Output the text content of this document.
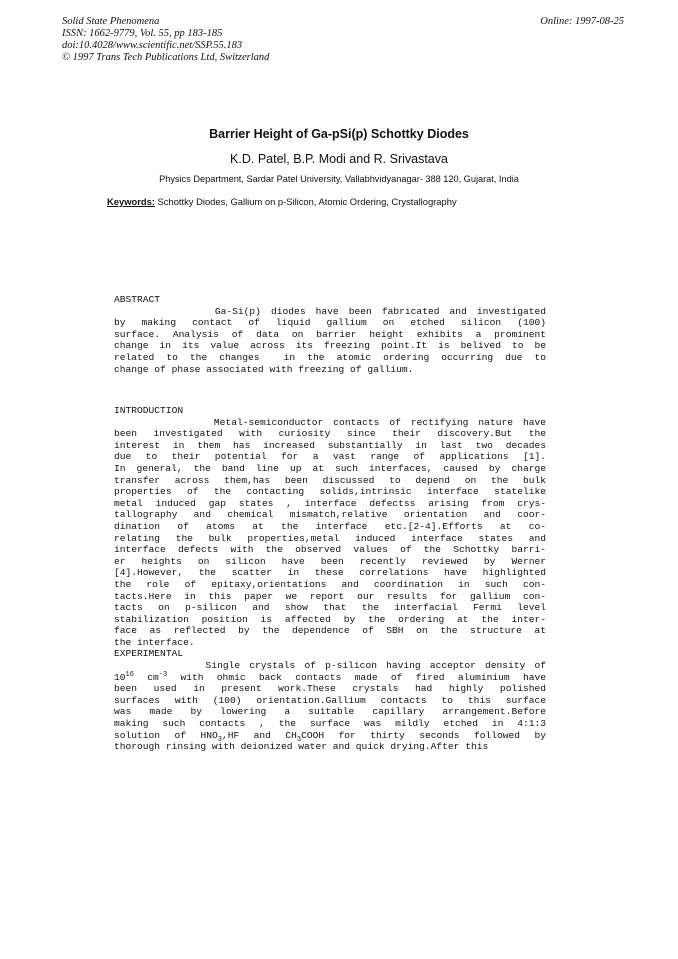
Solid State Phenomena
ISSN: 1662-9779, Vol. 55, pp 183-185
doi:10.4028/www.scientific.net/SSP.55.183
© 1997 Trans Tech Publications Ltd, Switzerland
Online: 1997-08-25
Barrier Height of Ga-pSi(p) Schottky Diodes
K.D. Patel, B.P. Modi and R. Srivastava
Physics Department, Sardar Patel University, Vallabhvidyanagar- 388 120, Gujarat, India
Keywords: Schottky Diodes, Gallium on p-Silicon, Atomic Ordering, Crystallography
ABSTRACT
Ga-Si(p) diodes have been fabricated and investigated
by making contact of liquid gallium on etched silicon (100)
surface. Analysis of data on barrier height exhibits a prominent
change in its value across its freezing point.It is belived to be
related to the changes  in the atomic ordering occurring due to
change of phase associated with freezing of gallium.
INTRODUCTION
Metal-semiconductor contacts of rectifying nature have
been investigated with curiosity since their discovery.But the
interest in them has increased substantially in last two decades
due to their potential for a vast range of applications [1].
In general, the band line up at such interfaces, caused by charge
transfer across them,has been discussed to depend on the bulk
properties of the contacting solids,intrinsic interface statelike
metal induced gap states , interface defectss arising from crys-
tallography and chemical mismatch,relative orientation and coor-
dination of atoms at the interface etc.[2-4].Efforts at co-
relating the bulk properties,metal induced interface states and
interface defects with the observed values of the Schottky barri-
er heights on silicon have been recently reviewed by Werner
[4].However, the scatter in these correlations have highlighted
the role of epitaxy,orientations and coordination in such con-
tacts.Here in this paper we report our results for gallium con-
tacts on p-silicon and show that the interfacial Fermi level
stabilization position is affected by the ordering at the inter-
face as reflected by the dependence of SBH on the structure at
the interface.
EXPERIMENTAL
Single crystals of p-silicon having acceptor density of
$10^{16}$ $cm^{-3}$ with ohmic back contacts made of fired aluminium have
been used in present work.These crystals had highly polished
surfaces with (100) orientation.Gallium contacts to this surface
was made by lowering a suitable capillary arrangement.Before
making such contacts , the surface was mildly etched in 4:1:3
solution of $HNO_3,HF$ and $CH_3COOH$ for thirty seconds followed by
thorough rinsing with deionized water and quick drying.After this
